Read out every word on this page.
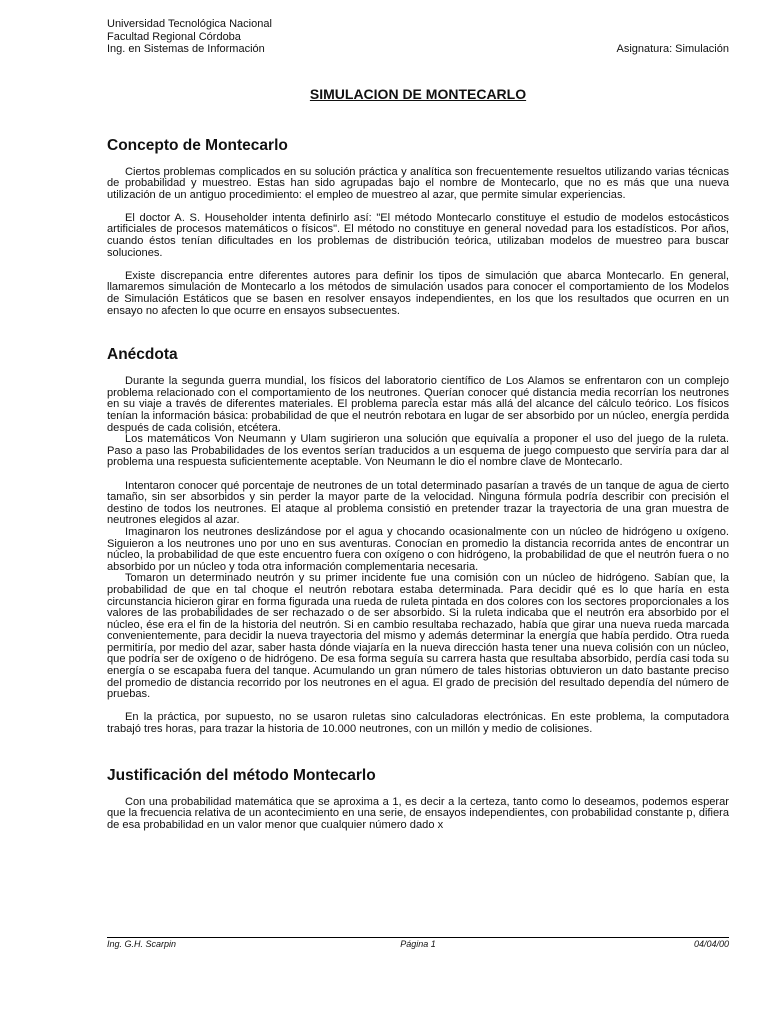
Universidad Tecnológica Nacional
Facultad Regional Córdoba
Ing. en Sistemas de Información	Asignatura: Simulación
SIMULACION DE MONTECARLO
Concepto de Montecarlo

Ciertos problemas complicados en su solución práctica y analítica son frecuentemente resueltos utilizando varias técnicas de probabilidad y muestreo. Estas han sido agrupadas bajo el nombre de Montecarlo, que no es más que una nueva utilización de un antiguo procedimiento: el empleo de muestreo al azar, que permite simular experiencias.

El doctor A. S. Householder intenta definirlo así: "El método Montecarlo constituye el estudio de modelos estocásticos artificiales de procesos matemáticos o físicos". El método no constituye en general novedad para los estadísticos. Por años, cuando éstos tenían dificultades en los problemas de distribución teórica, utilizaban modelos de muestreo para buscar soluciones.

Existe discrepancia entre diferentes autores para definir los tipos de simulación que abarca Montecarlo. En general, llamaremos simulación de Montecarlo a los métodos de simulación usados para conocer el comportamiento de los Modelos de Simulación Estáticos que se basen en resolver ensayos independientes, en los que los resultados que ocurren en un ensayo no afecten lo que ocurre en ensayos subsecuentes.

Anécdota

Durante la segunda guerra mundial, los físicos del laboratorio científico de Los Alamos se enfrentaron con un complejo problema relacionado con el comportamiento de los neutrones. Querían conocer qué distancia media recorrían los neutrones en su viaje a través de diferentes materiales. El problema parecía estar más allá del alcance del cálculo teórico. Los físicos tenían la información básica: probabilidad de que el neutrón rebotara en lugar de ser absorbido por un núcleo, energía perdida después de cada colisión, etcétera.

Los matemáticos Von Neumann y Ulam sugirieron una solución que equivalía a proponer el uso del juego de la ruleta. Paso a paso las Probabilidades de los eventos serían traducidos a un esquema de juego compuesto que serviría para dar al problema una respuesta suficientemente aceptable. Von Neumann le dio el nombre clave de Montecarlo.

Intentaron conocer qué porcentaje de neutrones de un total determinado pasarían a través de un tanque de agua de cierto tamaño, sin ser absorbidos y sin perder la mayor parte de la velocidad. Ninguna fórmula podría describir con precisión el destino de todos los neutrones. El ataque al problema consistió en pretender trazar la trayectoria de una gran muestra de neutrones elegidos al azar.

Imaginaron los neutrones deslizándose por el agua y chocando ocasionalmente con un núcleo de hidrógeno u oxígeno. Siguieron a los neutrones uno por uno en sus aventuras. Conocían en promedio la distancia recorrida antes de encontrar un núcleo, la probabilidad de que este encuentro fuera con oxígeno o con hidrógeno, la probabilidad de que el neutrón fuera o no absorbido por un núcleo y toda otra información complementaria necesaria.

Tomaron un determinado neutrón y su primer incidente fue una comisión con un núcleo de hidrógeno. Sabían que, la probabilidad de que en tal choque el neutrón rebotara estaba determinada. Para decidir qué es lo que haría en esta circunstancia hicieron girar en forma figurada una rueda de ruleta pintada en dos colores con los sectores proporcionales a los valores de las probabilidades de ser rechazado o de ser absorbido. Si la ruleta indicaba que el neutrón era absorbido por el núcleo, ése era el fin de la historia del neutrón. Si en cambio resultaba rechazado, había que girar una nueva rueda marcada convenientemente, para decidir la nueva trayectoria del mismo y además determinar la energía que había perdido. Otra rueda permitiría, por medio del azar, saber hasta dónde viajaría en la nueva dirección hasta tener una nueva colisión con un núcleo, que podría ser de oxígeno o de hidrógeno. De esa forma seguía su carrera hasta que resultaba absorbido, perdía casi toda su energía o se escapaba fuera del tanque. Acumulando un gran número de tales historias obtuvieron un dato bastante preciso del promedio de distancia recorrido por los neutrones en el agua. El grado de precisión del resultado dependía del número de pruebas.

En la práctica, por supuesto, no se usaron ruletas sino calculadoras electrónicas. En este problema, la computadora trabajó tres horas, para trazar la historia de 10.000 neutrones, con un millón y medio de colisiones.

Justificación del método Montecarlo

Con una probabilidad matemática que se aproxima a 1, es decir a la certeza, tanto como lo deseamos, podemos esperar que la frecuencia relativa de un acontecimiento en una serie, de ensayos independientes, con probabilidad constante p, difiera de esa probabilidad en un valor menor que cualquier número dado x

Ing. G.H. Scarpin	Página 1	04/04/00
